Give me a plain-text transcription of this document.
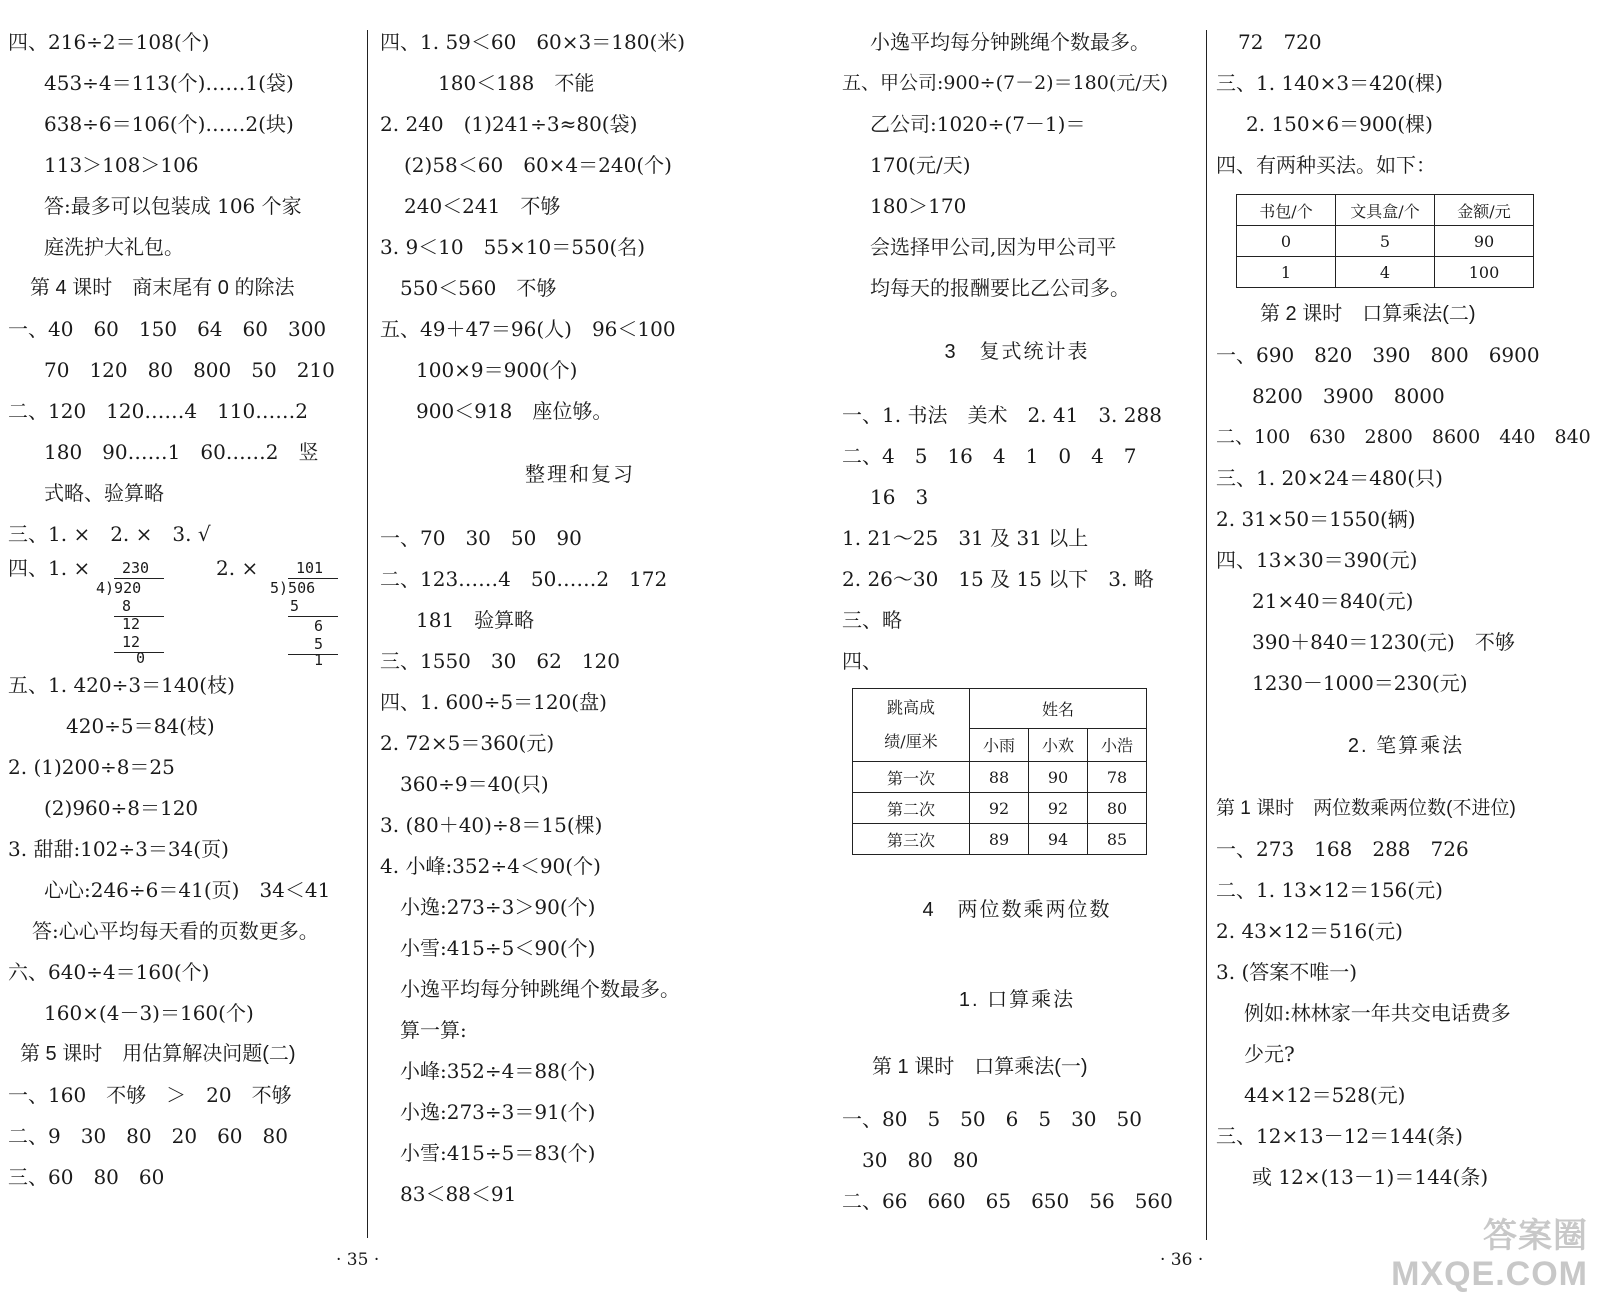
四、216÷2＝108(个)
453÷4＝113(个)……1(袋)
638÷6＝106(个)……2(块)
113＞108＞106
答:最多可以包装成 106 个家
庭洗护大礼包。
第 4 课时　商末尾有 0 的除法
一、40　60　150　64　60　300
70　120　80　800　50　210
二、120　120……4　110……2
180　90……1　60……2　竖
式略、验算略
三、1. ×　2. ×　3. √
四、1. × 230
4)920
8
12
12
0
2. ×	101
5)506
5
6
5
1
五、1. 420÷3＝140(枝)
420÷5＝84(枝)
2. (1)200÷8＝25
(2)960÷8＝120
3. 甜甜:102÷3＝34(页)
心心:246÷6＝41(页)　34＜41
答:心心平均每天看的页数更多。
六、640÷4＝160(个)
160×(4－3)＝160(个)
第 5 课时　用估算解决问题(二)
一、160　不够　＞　20　不够
二、9　30　80　20　60　80
三、60　80　60
四、1. 59＜60　60×3＝180(米)
180＜188　不能
2. 240　(1)241÷3≈80(袋)
(2)58＜60　60×4＝240(个)
240＜241　不够
3. 9＜10　55×10＝550(名)
550＜560　不够
五、49＋47＝96(人)　96＜100
100×9＝900(个)
900＜918　座位够。
整理和复习
一、70　30　50　90
二、123……4　50……2　172
181　验算略
三、1550　30　62　120
四、1. 600÷5＝120(盘)
2. 72×5＝360(元)
360÷9＝40(只)
3. (80＋40)÷8＝15(棵)
4. 小峰:352÷4＜90(个)
小逸:273÷3＞90(个)
小雪:415÷5＜90(个)
小逸平均每分钟跳绳个数最多。
算一算:
小峰:352÷4＝88(个)
小逸:273÷3＝91(个)
小雪:415÷5＝83(个)
83＜88＜91
小逸平均每分钟跳绳个数最多。
五、甲公司:900÷(7－2)＝180(元/天)
乙公司:1020÷(7－1)＝
170(元/天)
180＞170
会选择甲公司,因为甲公司平
均每天的报酬要比乙公司多。
3　复式统计表
一、1. 书法　美术　2. 41　3. 288
二、4　5　16　4　1　0　4　7
16　3
1. 21～25　31 及 31 以上
2. 26～30　15 及 15 以下　3. 略
三、略
四、
跳高成
绩/厘米	姓名		
	小雨	小欢	小浩
第一次	88	90	78
第二次	92	92	80
第三次	89	94	85
4　两位数乘两位数
1. 口算乘法
第 1 课时　口算乘法(一)
一、80　5　50　6　5　30　50
30　80　80
二、66　660　65　650　56　560
72　720
三、1. 140×3＝420(棵)
2. 150×6＝900(棵)
四、有两种买法。如下：
书包/个	文具盒/个	金额/元
0	5	90
1	4	100
第 2 课时　口算乘法(二)
一、690　820　390　800　6900
8200　3900　8000
二、100　630　2800　8600　440　840
三、1. 20×24＝480(只)
2. 31×50＝1550(辆)
四、13×30＝390(元)
21×40＝840(元)
390＋840＝1230(元)　不够
1230－1000＝230(元)
2. 笔算乘法
第 1 课时　两位数乘两位数(不进位)
一、273　168　288　726
二、1. 13×12＝156(元)
2. 43×12＝516(元)
3. (答案不唯一)
例如:林林家一年共交电话费多
少元?
44×12＝528(元)
三、12×13－12＝144(条)
或 12×(13－1)＝144(条)
· 35 ·	· 36 ·
答案圈
MXQE.COM
